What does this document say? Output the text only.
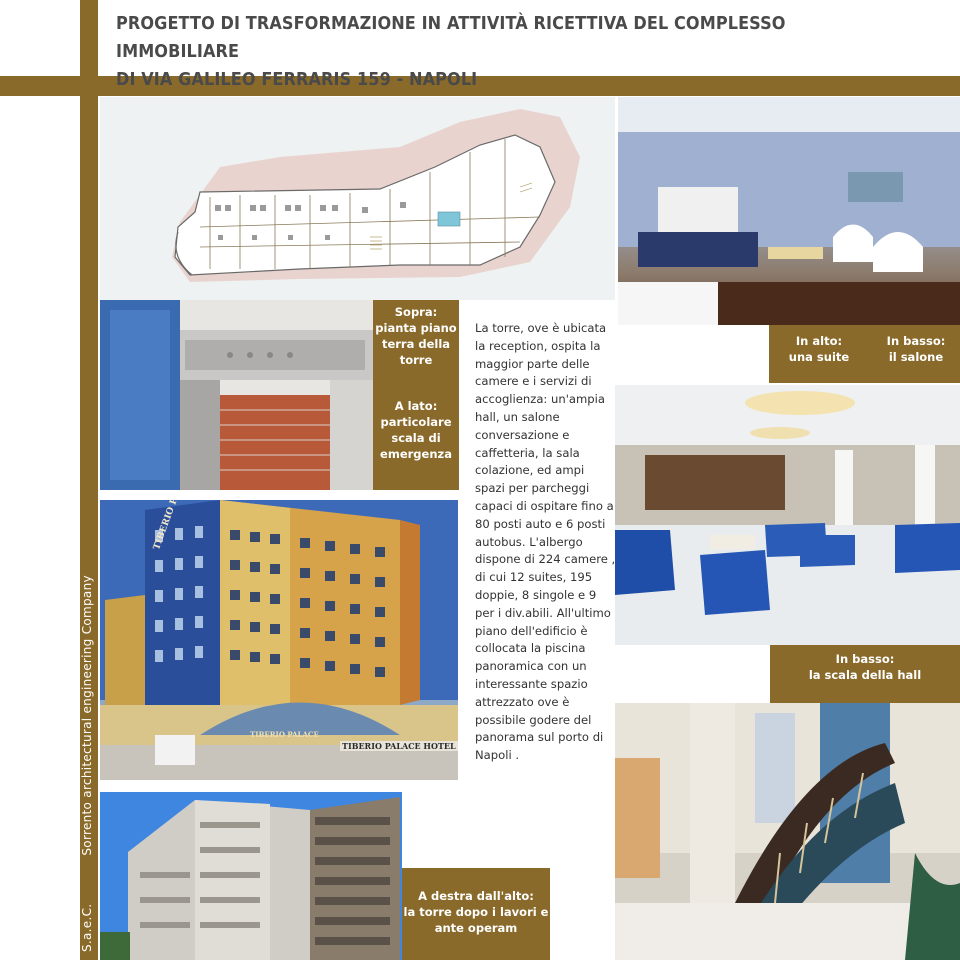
PROGETTO DI TRASFORMAZIONE IN ATTIVITÀ RICETTIVA DEL COMPLESSO IMMOBILIARE
DI VIA GALILEO FERRARIS 159 - NAPOLI
S.a.e.C.Sorrento architectural engineering Company
Sopra:
pianta piano terra della torre
A lato:
particolare scala di emergenza
La torre, ove è ubicata la reception, ospita la maggior parte delle camere e i servizi di accoglienza: un'ampia hall, un salone conversazione e caffetteria, la sala colazione, ed ampi spazi per parcheggi capaci di ospitare fino a 80 posti auto e 6 posti autobus. L'albergo dispone di 224 camere , di cui 12 suites, 195 doppie, 8 singole e 9 per i div.abili. All'ultimo piano dell'edificio è collocata la piscina panoramica con un interessante spazio attrezzato ove è possibile godere del panorama sul porto di Napoli .
In alto:
una suite
In basso:
il salone
In basso:
la scala della hall
TIBERIO PALACE HOTEL
TIBERIO PALACE
A destra dall'alto:
la torre dopo i lavori e ante operam
